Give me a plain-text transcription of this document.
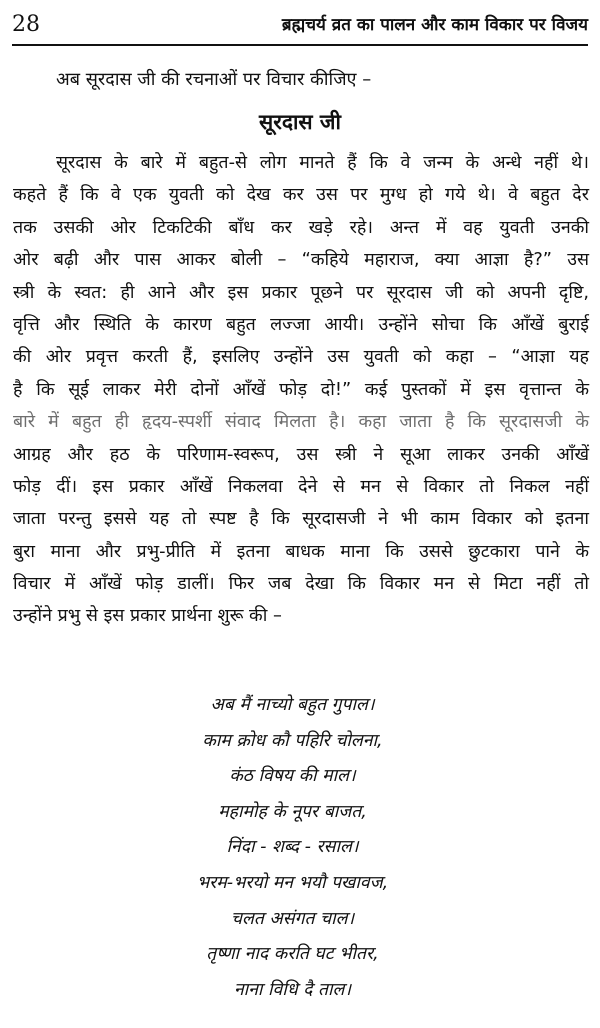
28	ब्रह्मचर्य व्रत का पालन और काम विकार पर विजय
अब सूरदास जी की रचनाओं पर विचार कीजिए –
सूरदास जी
सूरदास के बारे में बहुत-से लोग मानते हैं कि वे जन्म के अन्धे नहीं थे।
कहते हैं कि वे एक युवती को देख कर उस पर मुग्ध हो गये थे। वे बहुत देर
तक उसकी ओर टिकटिकी बाँध कर खड़े रहे। अन्त में वह युवती उनकी
ओर बढ़ी और पास आकर बोली – “कहिये महाराज, क्या आज्ञा है?” उस
स्त्री के स्वत: ही आने और इस प्रकार पूछने पर सूरदास जी को अपनी दृष्टि,
वृत्ति और स्थिति के कारण बहुत लज्जा आयी। उन्होंने सोचा कि आँखें बुराई
की ओर प्रवृत्त करती हैं, इसलिए उन्होंने उस युवती को कहा – “आज्ञा यह
है कि सूई लाकर मेरी दोनों आँखें फोड़ दो!” कई पुस्तकों में इस वृत्तान्त के
बारे में बहुत ही हृदय-स्पर्शी संवाद मिलता है। कहा जाता है कि सूरदासजी के
आग्रह और हठ के परिणाम-स्वरूप, उस स्त्री ने सूआ लाकर उनकी आँखें
फोड़ दीं। इस प्रकार आँखें निकलवा देने से मन से विकार तो निकल नहीं
जाता परन्तु इससे यह तो स्पष्ट है कि सूरदासजी ने भी काम विकार को इतना
बुरा माना और प्रभु-प्रीति में इतना बाधक माना कि उससे छुटकारा पाने के
विचार में आँखें फोड़ डालीं। फिर जब देखा कि विकार मन से मिटा नहीं तो
उन्होंने प्रभु से इस प्रकार प्रार्थना शुरू की –
अब मैं नाच्यो बहुत गुपाल।
काम क्रोध कौ पहिरि चोलना,
कंठ विषय की माल।
महामोह के नूपर बाजत,
निंदा - शब्द - रसाल।
भरम-भरयो मन भयौ पखावज,
चलत असंगत चाल।
तृष्णा नाद करति घट भीतर,
नाना विधि दै ताल।
